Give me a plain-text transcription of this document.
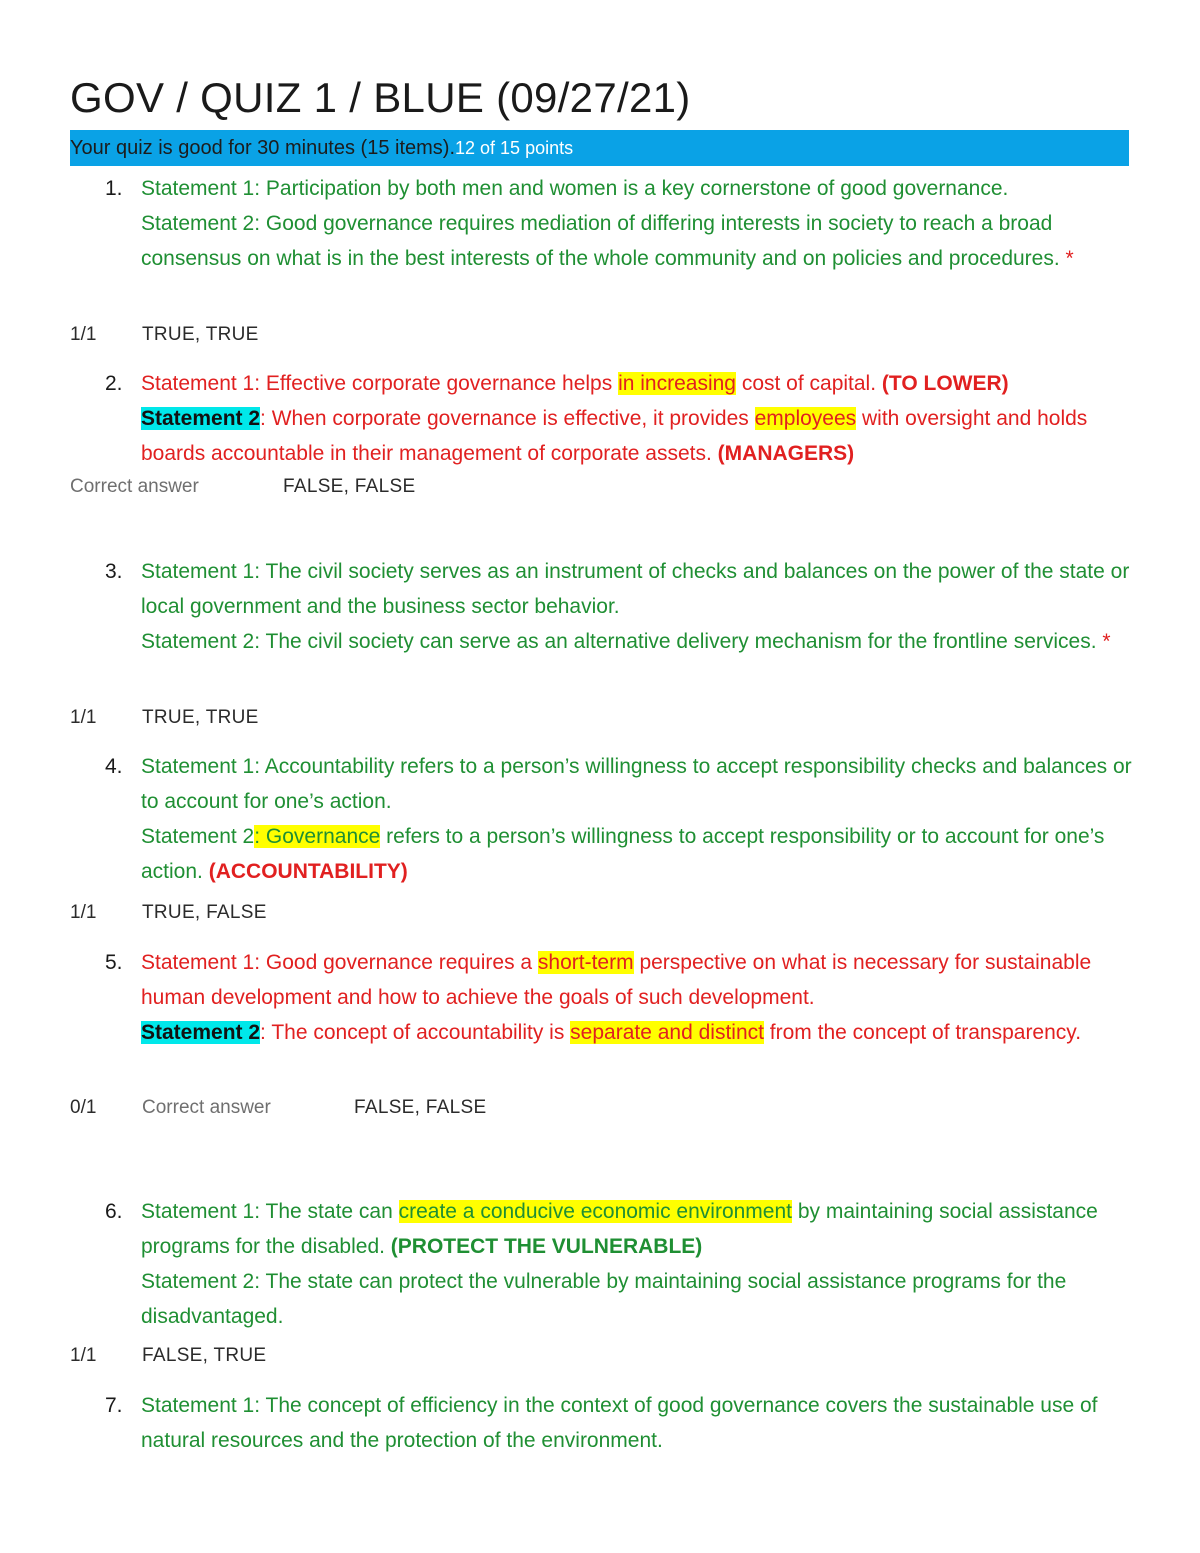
GOV / QUIZ 1 / BLUE (09/27/21)
Your quiz is good for 30 minutes (15 items).12 of 15 points
1. Statement 1: Participation by both men and women is a key cornerstone of good governance.

Statement 2: Good governance requires mediation of differing interests in society to reach a broad consensus on what is in the best interests of the whole community and on policies and procedures. *

1/1 TRUE, TRUE
2. Statement 1: Effective corporate governance helps in increasing cost of capital. (TO LOWER)

Statement 2: When corporate governance is effective, it provides employees with oversight and holds boards accountable in their management of corporate assets. (MANAGERS)

Correct answer	FALSE, FALSE
3. Statement 1: The civil society serves as an instrument of checks and balances on the power of the state or local government and the business sector behavior.

Statement 2: The civil society can serve as an alternative delivery mechanism for the frontline services. *

1/1 TRUE, TRUE
4. Statement 1: Accountability refers to a person’s willingness to accept responsibility checks and balances or to account for one’s action.

Statement 2: Governance refers to a person’s willingness to accept responsibility or to account for one’s action. (ACCOUNTABILITY)

1/1 TRUE, FALSE
5. Statement 1: Good governance requires a short-term perspective on what is necessary for sustainable human development and how to achieve the goals of such development.

Statement 2: The concept of accountability is separate and distinct from the concept of transparency.

0/1 Correct answer	FALSE, FALSE
6. Statement 1: The state can create a conducive economic environment by maintaining social assistance programs for the disabled. (PROTECT THE VULNERABLE)

Statement 2: The state can protect the vulnerable by maintaining social assistance programs for the disadvantaged.

1/1 FALSE, TRUE
7. Statement 1: The concept of efficiency in the context of good governance covers the sustainable use of natural resources and the protection of the environment.
